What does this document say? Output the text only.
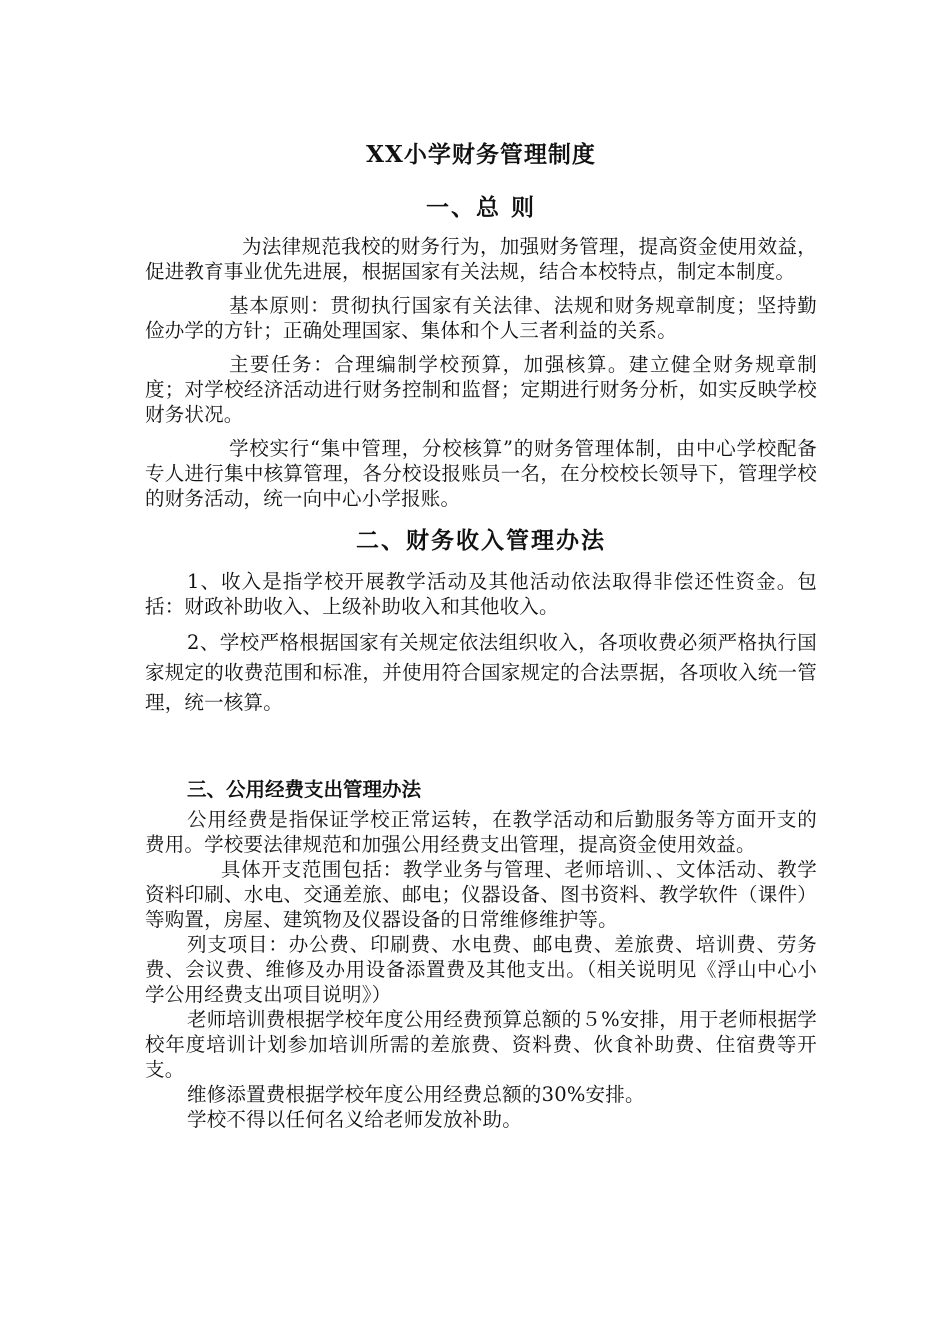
XX小学财务管理制度
一、总 则

为法律规范我校的财务行为，加强财务管理，提高资金使用效益，促进教育事业优先进展，根据国家有关法规，结合本校特点，制定本制度。

基本原则：贯彻执行国家有关法律、法规和财务规章制度；坚持勤俭办学的方针；正确处理国家、集体和个人三者利益的关系。

主要任务：合理编制学校预算，加强核算。建立健全财务规章制度；对学校经济活动进行财务控制和监督；定期进行财务分析，如实反映学校财务状况。

学校实行“集中管理，分校核算”的财务管理体制，由中心学校配备专人进行集中核算管理，各分校设报账员一名，在分校校长领导下，管理学校的财务活动，统一向中心小学报账。

二、财务收入管理办法

1、收入是指学校开展教学活动及其他活动依法取得非偿还性资金。包括：财政补助收入、上级补助收入和其他收入。

2、学校严格根据国家有关规定依法组织收入，各项收费必须严格执行国家规定的收费范围和标准，并使用符合国家规定的合法票据，各项收入统一管理，统一核算。

三、公用经费支出管理办法

公用经费是指保证学校正常运转，在教学活动和后勤服务等方面开支的费用。学校要法律规范和加强公用经费支出管理，提高资金使用效益。

具体开支范围包括：教学业务与管理、老师培训、、文体活动、教学资料印刷、水电、交通差旅、邮电；仪器设备、图书资料、教学软件（课件）等购置，房屋、建筑物及仪器设备的日常维修维护等。

列支项目：办公费、印刷费、水电费、邮电费、差旅费、培训费、劳务费、会议费、维修及办用设备添置费及其他支出。（相关说明见《浮山中心小学公用经费支出项目说明》）

老师培训费根据学校年度公用经费预算总额的５%安排，用于老师根据学校年度培训计划参加培训所需的差旅费、资料费、伙食补助费、住宿费等开支。

维修添置费根据学校年度公用经费总额的30%安排。

学校不得以任何名义给老师发放补助。
